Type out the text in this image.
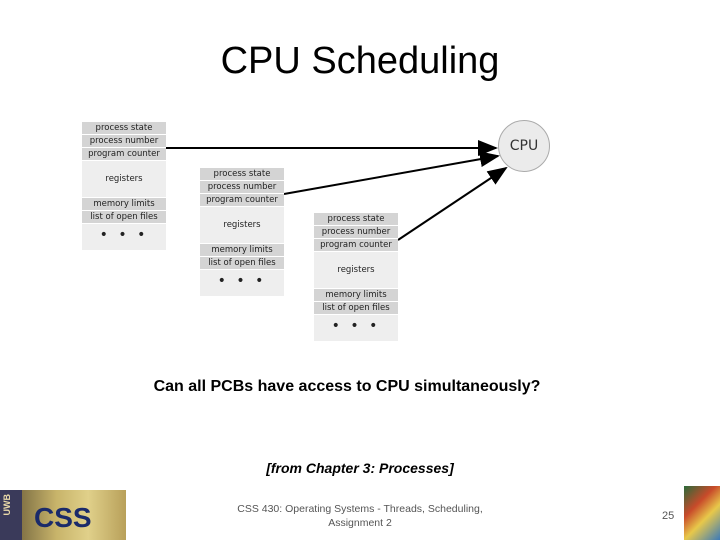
CPU Scheduling
process state
process number
program counter
registers
memory limits
list of open files
• • •
process state
process number
program counter
registers
memory limits
list of open files
• • •
process state
process number
program counter
registers
memory limits
list of open files
• • •
CPU
Can all PCBs have access to CPU simultaneously?
[from Chapter 3: Processes]
UWB CSS	CSS 430: Operating Systems - Threads, Scheduling,
Assignment 2
25
